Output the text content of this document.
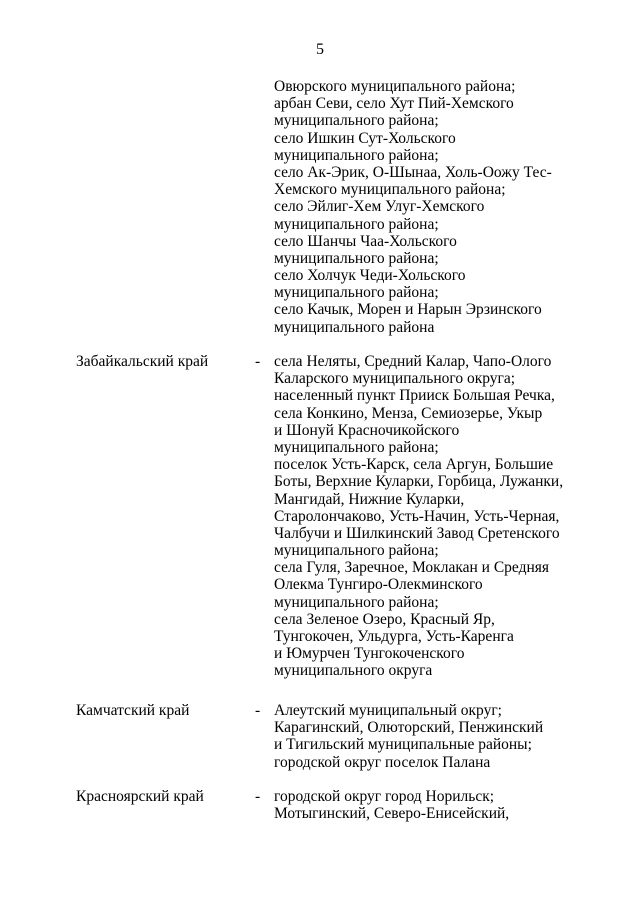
5
Овюрского муниципального района;
арбан Севи, село Хут Пий-Хемского
муниципального района;
село Ишкин Сут-Хольского
муниципального района;
село Ак-Эрик, О-Шынаа, Холь-Оожу Тес-
Хемского муниципального района;
село Эйлиг-Хем Улуг-Хемского
муниципального района;
село Шанчы Чаа-Хольского
муниципального района;
село Холчук Чеди-Хольского
муниципального района;
село Качык, Морен и Нарын Эрзинского
муниципального района
Забайкальский край	- села Неляты, Средний Калар, Чапо-Олого
Каларского муниципального округа;
населенный пункт Прииск Большая Речка,
села Конкино, Менза, Семиозерье, Укыр
и Шонуй Красночикойского
муниципального района;
поселок Усть-Карск, села Аргун, Большие
Боты, Верхние Куларки, Горбица, Лужанки,
Мангидай, Нижние Куларки,
Старолончаково, Усть-Начин, Усть-Черная,
Чалбучи и Шилкинский Завод Сретенского
муниципального района;
села Гуля, Заречное, Моклакан и Средняя
Олекма Тунгиро-Олекминского
муниципального района;
села Зеленое Озеро, Красный Яр,
Тунгокочен, Ульдурга, Усть-Каренга
и Юмурчен Тунгокоченского
муниципального округа
Камчатский край	- Алеутский муниципальный округ;
Карагинский, Олюторский, Пенжинский
и Тигильский муниципальные районы;
городской округ поселок Палана
Красноярский край	- городской округ город Норильск;
Мотыгинский, Северо-Енисейский,
